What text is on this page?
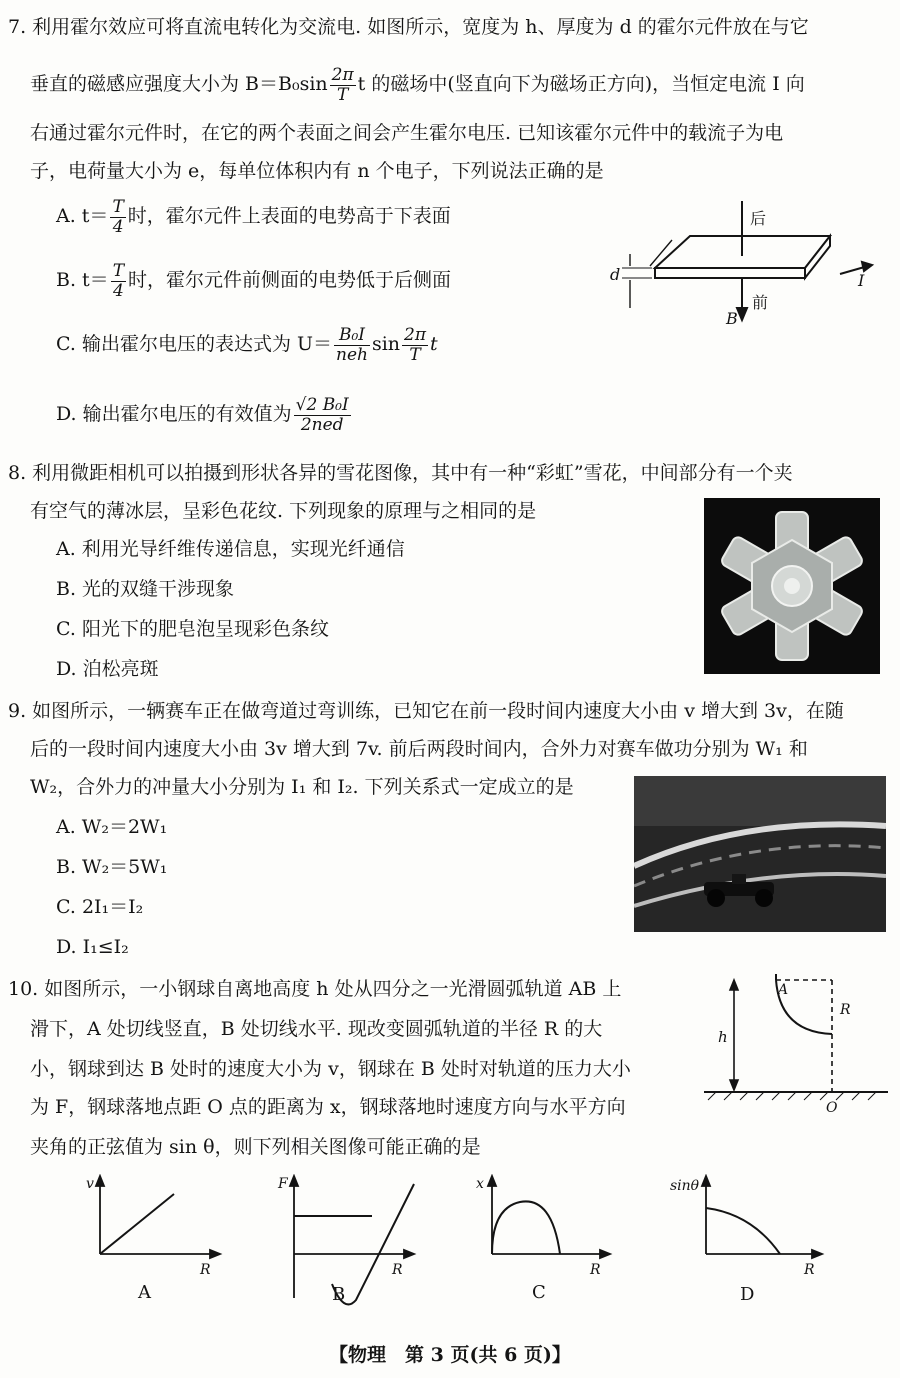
7. 利用霍尔效应可将直流电转化为交流电. 如图所示，宽度为 h、厚度为 d 的霍尔元件放在与它
垂直的磁感应强度大小为 $B=B_0\sin \frac{2\pi}{T}$ t 的磁场中(竖直向下为磁场正方向)，当恒定电流 I 向
右通过霍尔元件时，在它的两个表面之间会产生霍尔电压. 已知该霍尔元件中的载流子为电
子，电荷量大小为 e，每单位体积内有 n 个电子，下列说法正确的是
A. $t= \frac{T}{4}$ 时，霍尔元件上表面的电势高于下表面
B. $t= \frac{T}{4}$ 时，霍尔元件前侧面的电势低于后侧面
C. 输出霍尔电压的表达式为 $U= \frac{\text{B₀I}}{\text{neh}}$ $\sin \frac{2\pi}{T}$ t
D. 输出霍尔电压的有效值为 $\frac{\text{√2 B₀I}}{\text{2ned}}$
后
前
d	I
B
8. 利用微距相机可以拍摄到形状各异的雪花图像，其中有一种“彩虹”雪花，中间部分有一个夹
有空气的薄冰层，呈彩色花纹. 下列现象的原理与之相同的是
A. 利用光导纤维传递信息，实现光纤通信
B. 光的双缝干涉现象
C. 阳光下的肥皂泡呈现彩色条纹
D. 泊松亮斑
9. 如图所示，一辆赛车正在做弯道过弯训练，已知它在前一段时间内速度大小由 v 增大到 3v，在随
后的一段时间内速度大小由 3v 增大到 7v. 前后两段时间内，合外力对赛车做功分别为 W₁ 和
W₂，合外力的冲量大小分别为 I₁ 和 I₂. 下列关系式一定成立的是
A. W₂＝2W₁
B. W₂＝5W₁
C. 2I₁＝I₂
D. I₁≤I₂
10. 如图所示，一小钢球自离地高度 h 处从四分之一光滑圆弧轨道 AB 上
滑下，A 处切线竖直，B 处切线水平. 现改变圆弧轨道的半径 R 的大
小，钢球到达 B 处时的速度大小为 v，钢球在 B 处时对轨道的压力大小
为 F，钢球落地点距 O 点的距离为 x，钢球落地时速度方向与水平方向
夹角的正弦值为 sin θ，则下列相关图像可能正确的是
A
R
h
O
v
R
A
F
R
B
x
R
C
sinθ
R
D
【物理　第 3 页(共 6 页)】
